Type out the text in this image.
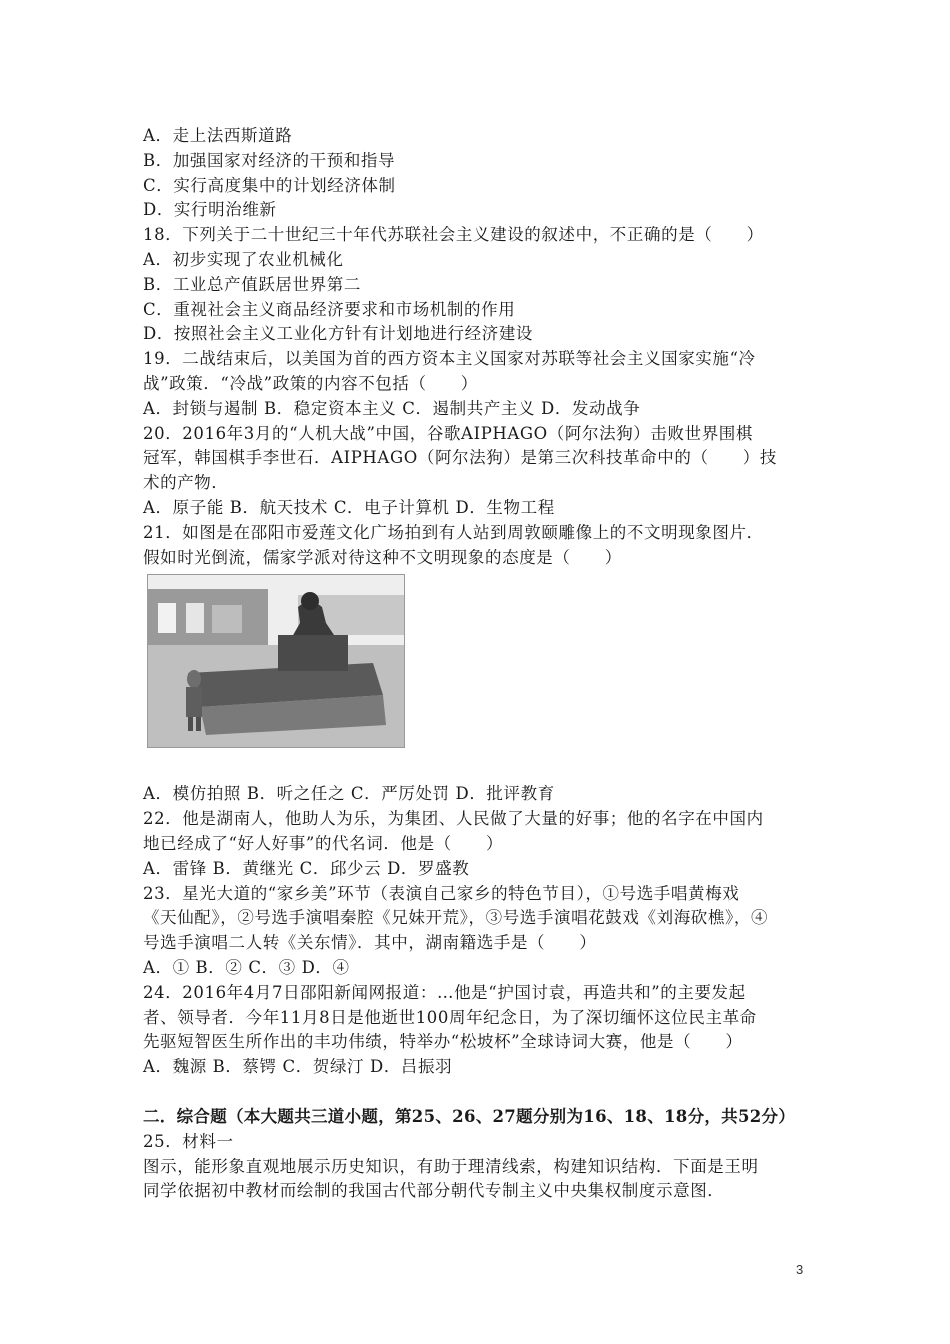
A．走上法西斯道路
B．加强国家对经济的干预和指导
C．实行高度集中的计划经济体制
D．实行明治维新
18．下列关于二十世纪三十年代苏联社会主义建设的叙述中，不正确的是（　　）
A．初步实现了农业机械化
B．工业总产值跃居世界第二
C．重视社会主义商品经济要求和市场机制的作用
D．按照社会主义工业化方针有计划地进行经济建设
19．二战结束后，以美国为首的西方资本主义国家对苏联等社会主义国家实施“冷
战”政策．“冷战”政策的内容不包括（　　）
A．封锁与遏制 B．稳定资本主义 C．遏制共产主义 D．发动战争
20．2016年3月的“人机大战”中国，谷歌AIPHAGO（阿尔法狗）击败世界围棋
冠军，韩国棋手李世石．AIPHAGO（阿尔法狗）是第三次科技革命中的（　　）技
术的产物．
A．原子能 B．航天技术 C．电子计算机 D．生物工程
21．如图是在邵阳市爱莲文化广场拍到有人站到周敦颐雕像上的不文明现象图片．
假如时光倒流，儒家学派对待这种不文明现象的态度是（　　）
A．模仿拍照 B．听之任之 C．严厉处罚 D．批评教育
22．他是湖南人，他助人为乐，为集团、人民做了大量的好事；他的名字在中国内
地已经成了“好人好事”的代名词．他是（　　）
A．雷锋 B．黄继光 C．邱少云 D．罗盛教
23．星光大道的“家乡美”环节（表演自己家乡的特色节目），①号选手唱黄梅戏
《天仙配》，②号选手演唱秦腔《兄妹开荒》，③号选手演唱花鼓戏《刘海砍樵》，④
号选手演唱二人转《关东情》．其中，湖南籍选手是（　　）
A．① B．② C．③ D．④
24．2016年4月7日邵阳新闻网报道：…他是“护国讨袁，再造共和”的主要发起
者、领导者．今年11月8日是他逝世100周年纪念日，为了深切缅怀这位民主革命
先驱短智医生所作出的丰功伟绩，特举办“松坡杯”全球诗词大赛，他是（　　）
A．魏源 B．蔡锷 C．贺绿汀 D．吕振羽
二．综合题（本大题共三道小题，第25、26、27题分别为16、18、18分，共52分）
25．材料一
图示，能形象直观地展示历史知识，有助于理清线索，构建知识结构．下面是王明
同学依据初中教材而绘制的我国古代部分朝代专制主义中央集权制度示意图．
3
